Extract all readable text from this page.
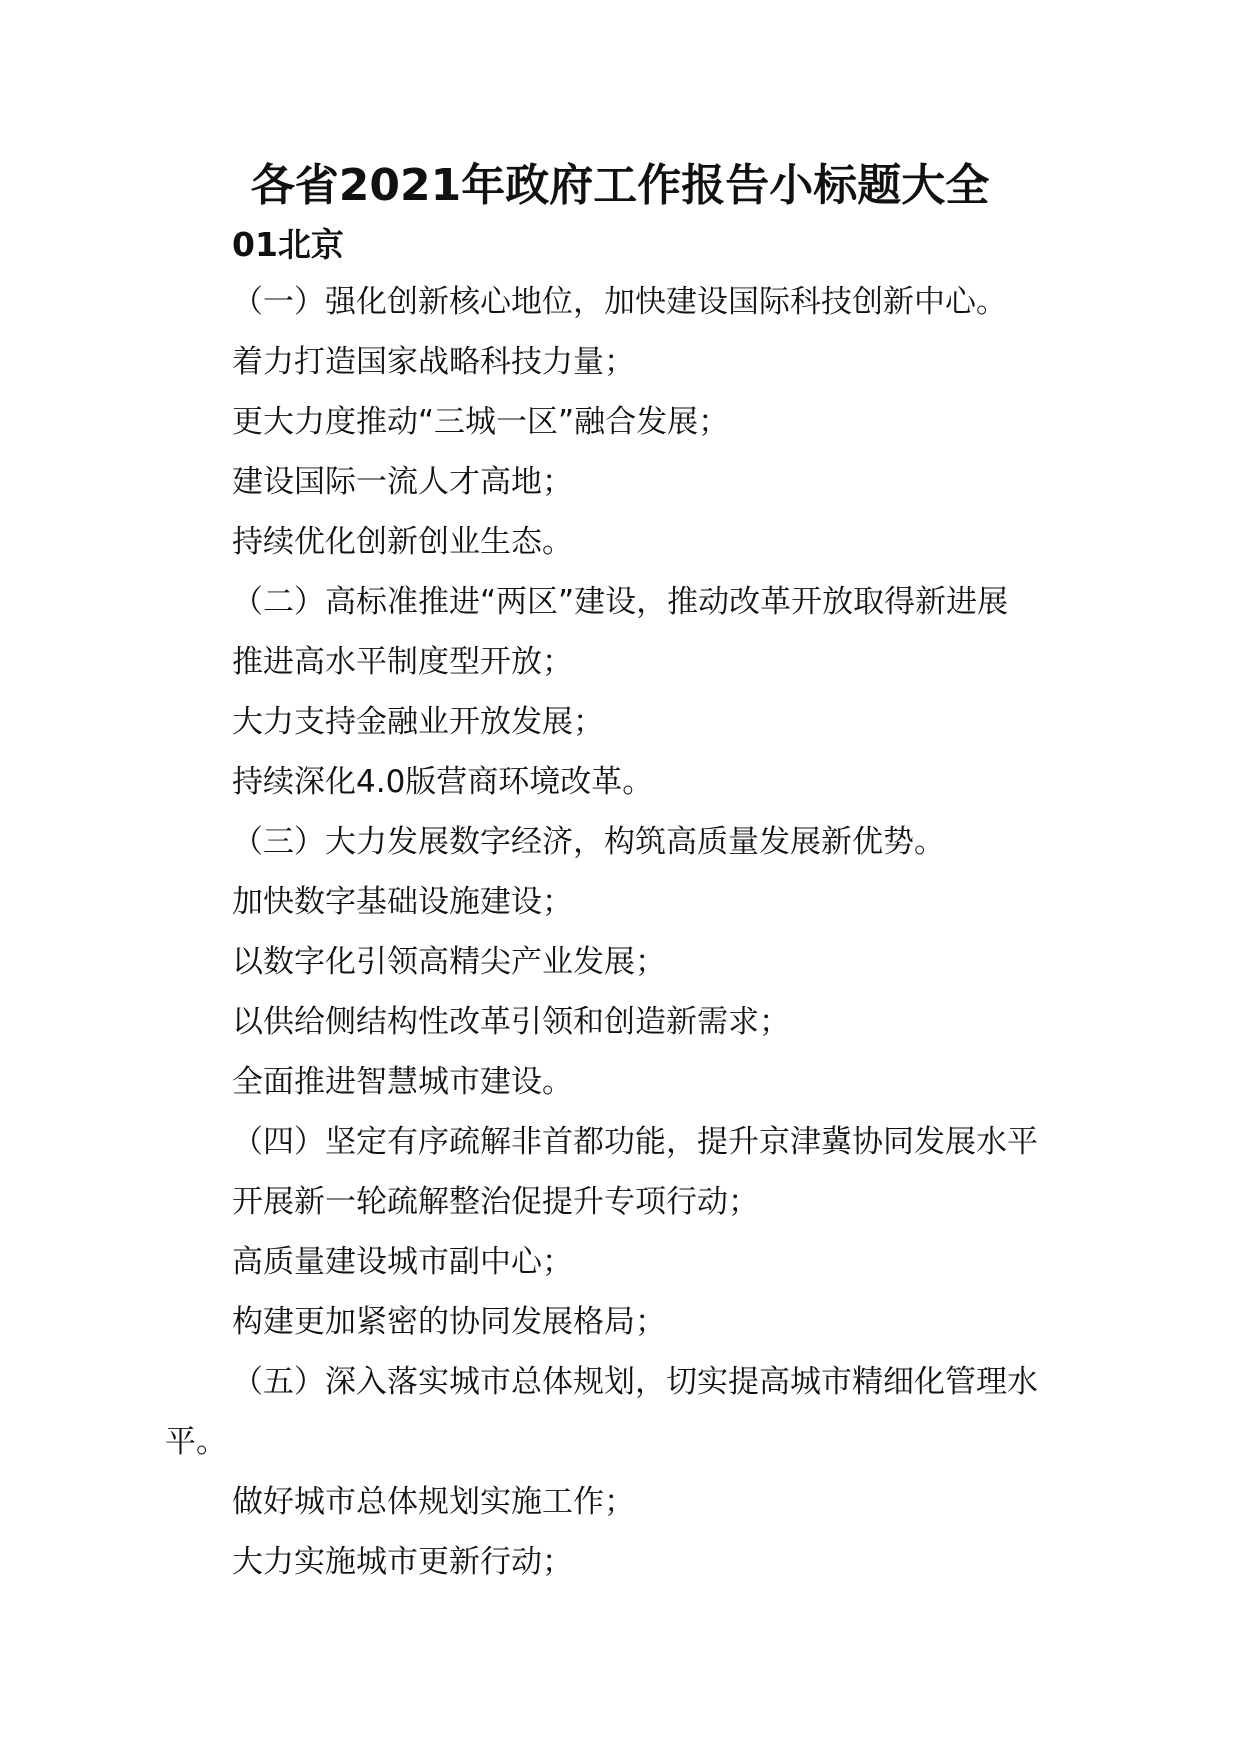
各省2021年政府工作报告小标题大全
01北京
（一）强化创新核心地位，加快建设国际科技创新中心。
着力打造国家战略科技力量；
更大力度推动“三城一区”融合发展；
建设国际一流人才高地；
持续优化创新创业生态。
（二）高标准推进“两区”建设，推动改革开放取得新进展
推进高水平制度型开放；
大力支持金融业开放发展；
持续深化4.0版营商环境改革。
（三）大力发展数字经济，构筑高质量发展新优势。
加快数字基础设施建设；
以数字化引领高精尖产业发展；
以供给侧结构性改革引领和创造新需求；
全面推进智慧城市建设。
（四）坚定有序疏解非首都功能，提升京津冀协同发展水平
开展新一轮疏解整治促提升专项行动；
高质量建设城市副中心；
构建更加紧密的协同发展格局；
（五）深入落实城市总体规划，切实提高城市精细化管理水
平。
做好城市总体规划实施工作；
大力实施城市更新行动；
